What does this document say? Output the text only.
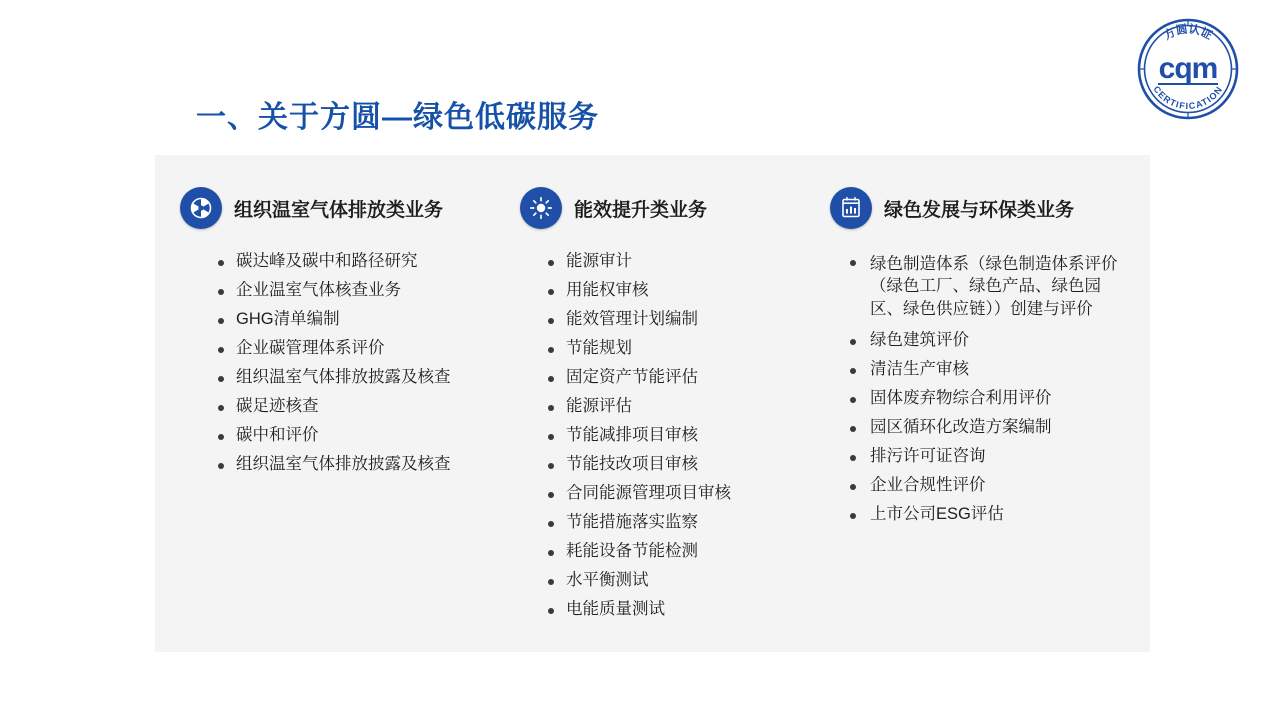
方圆认证
CERTIFICATION
cqm
一、关于方圆—绿色低碳服务
组织温室气体排放类业务
碳达峰及碳中和路径研究
企业温室气体核查业务
GHG清单编制
企业碳管理体系评价
组织温室气体排放披露及核查
碳足迹核查
碳中和评价
组织温室气体排放披露及核查
能效提升类业务
能源审计
用能权审核
能效管理计划编制
节能规划
固定资产节能评估
能源评估
节能减排项目审核
节能技改项目审核
合同能源管理项目审核
节能措施落实监察
耗能设备节能检测
水平衡测试
电能质量测试
绿色发展与环保类业务
绿色制造体系（绿色制造体系评价（绿色工厂、绿色产品、绿色园区、绿色供应链））创建与评价
绿色建筑评价
清洁生产审核
固体废弃物综合利用评价
园区循环化改造方案编制
排污许可证咨询
企业合规性评价
上市公司ESG评估
